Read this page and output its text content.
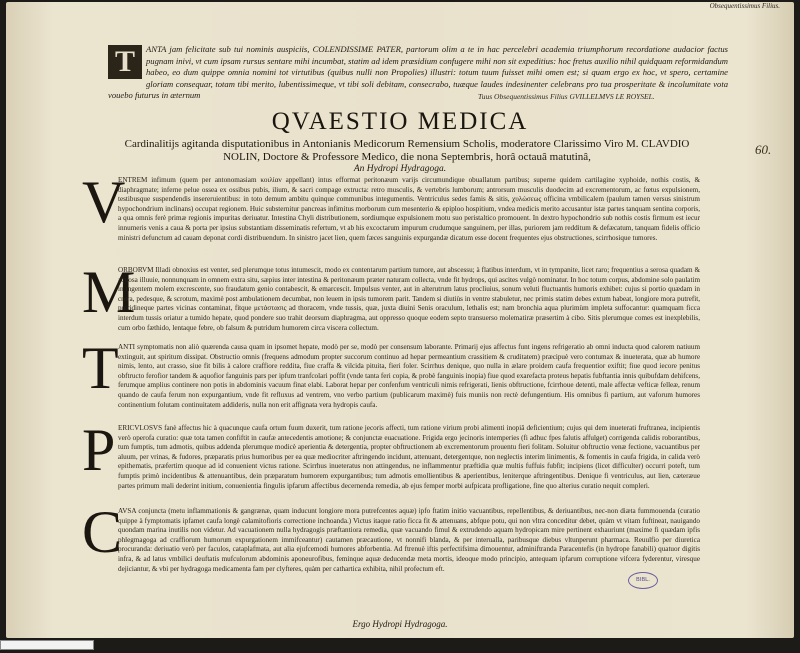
Obsequentissimus Filius.
T	ANTA jam felicitate sub tui nominis auspiciis, COLENDISSIME PATER, partorum olim a te in hac percelebri academia triumphorum recordatione audacior factus pugnam inivi, vt cum ipsam rursus sentare mihi incumbat, statim ad idem præsidium confugere mihi non sit expeditius: hoc fretus auxilio nihil quidquam reformidandum habeo, eo dum quippe omnia nomini tot virtutibus (quibus nulli non Propolies) illustri: totum tuum fuisset mihi omen est; si quam ergo ex hoc, vt spero, certamine gloriam consequar, totam tibi merito, lubentissimeque, vt tibi soli debitam, consecrabo, tuæque laudes indesinenter celebrans pro tua prosperitate & incolumitate vota vouebo futurus in æternum	Tuus Obsequentissimus Filius GVILLELMVS LE ROYSEL.
QVAESTIO MEDICA
60.
Cardinalitijs agitanda disputationibus in Antonianis Medicorum Remensium Scholis, moderatore Clarissimo Viro M. CLAVDIO NOLIN, Doctore & Professore Medico, die nona Septembris, horâ octauâ matutinâ,
An Hydropi Hydragoga.
V
ENTREM infimum (quem per antonomasiam κοιλίαν appellant) intus efformat peritonæum varijs circumundique obuallatum partibus; superne quidem cartilagine xyphoide, nothis costis, & diaphragmate; inferne pelue ossea ex ossibus pubis, ilium, & sacri compage extructa: retro musculis, & vertebris lumborum; antrorsum musculis duodecim ad excrementorum, ac fœtus expulsionem, testibusque suspendendis insereruientibus: in toto demum ambitu quinque communibus integumentis. Ventriculus sedes famis & sitis, χυλώσεως officina vmbilicalem (paulum tamen versus sinistrum hypochondrium inclinans) occupat regionem. Huic substernitur pancreas infimitus morborum cum mesenterio & epiploo hospitium, vndea medicis merito accusantur istæ partes tanquam sentina corporis, a qua omnis ferè primæ regionis impuritas deriuatur. Intestina Chyli distributionem, sordiumque expulsionem motu suo peristaltico promouent. In dextro hypochondrio sub nothis costis firmum est iecur innumeris venis a caua & porta per ipsius substantiam disseminatis refertum, vt ab his excoctarum impurum crudumque sanguinem, per illas, puriorem jam redditum & defæcatum, tanquam fidelis officio ministri defunctum ad cauam deponat cordi distribuendum. In sinistro jacet lien, quem fæces sanguinis expurgandæ dicatum esse docent frequentes ejus obstructiones, scirrhosique tumores.
M
ORBORVM Illadi obnoxius est venter, sed plerumque totus intumescit, modo ex contentarum partium tumore, aut abscessu; à flatibus interdum, vt in tympanite, licet raro; frequentius a serosa quadam & aquosa illuuie, nonnunquam in omnem extra situ, sæpius inter intestina & peritonæum præter naturam collecta, vnde fit hydrops, qui ascites vulgò nominatur. In hoc totum corpus, abdomine solo paulatim in ingentem molem excrescente, suo fraudatum genio contabescit, & emarcescit. Impulsus venter, aut in alterutrum latus procliuius, sonum veluti fluctuantis humoris exhibet: cujus si portio quædam in crura, pedesque, & scrotum, maximè post ambulationem decumbat, non leuem in ipsis tumorem parit. Tandem si diutiùs in ventre stabuletur, nec primis statim debes extum habeat, longiore mora putrefit, putridineque partes vicinas contaminat, fitque μετάστασις ad thoracem, vnde tussis, quæ, juxta diuini Senis oraculum, lethalis est; nam bronchia aqua plurimùm impleta suffocantur: quamquam ficca interdum tussis oriatur a tumido hepate, quod pondere suo trahit deorsum diaphragma, aut oppresso quoque eodem septo transuerso molematiræ præsertim à cibo. Sitis plerumque comes est inexplebilis, cum orbo fæthido, lentaque febre, ob falsum & putridum humorem circa viscera collectum.
T ANTI symptomatis non aliò quærenda causa quam in ipsomet hepate, modò per se, modò per consensum laborante. Primarij ejus affectus funt ingens refrigeratio ab omni inducta quod calorem natiuum extinguit, aut spiritum dissipat. Obstructio omnis (frequens admodum propter succorum continuo ad hepar permeantium crassitiem & cruditatem) præcipuè vero contumax & inueterata, quæ ab humore nimis, lento, aut crasso, siue fit bilis à calore craffiore reddita, fiue craffa & vilcida pituita, fieri foler. Scirrhus denique, quo nulla in ælare proidem caufa frequentior exiftit; fiue quod iecore penitus obftructo ferofior tandem & aquofior fanguinis pars per ipfum tranfcolari poffit (vnde tanta feri copia, & probè fanguinis inopia) fiue quod exarefacta proteus hepatis fubftantia innis quibufdam dehifcens, ferumque amplius continere non potis in abdominis vacuum finat elabi. Laborat hepar per confenfum ventriculi nimis refrigerati, lienis obftructione, fcirrhoue detenti, male affectæ vefticæ felleæ, renum quando de caufa ferum non expurgantium, vnde fit refluxus ad ventrem, vno verbo partium (publicarum maximè) fuis muniis non rectè defungentium. His omnibus fi partium, aut vaforum humores continentium folutam continuitatem addideris, nulla non erit affignata vera hydropis caufa.
P ERICVLOSVS fanè affectus hic à quacunque caufa ortum fuum duxerit, tum ratione jecoris affecti, tum ratione virium probi alimenti inopiâ deficientium; cujus qui dem inueterati fruftranea, incipientis verò operofa curatio: quæ tota tamen confiftit in caufæ antecedentis amotione; & conjunctæ euacuatione. Frigida ergo jecinoris intemperies (fi adhuc fpes falutis affulget) corrigenda calidis roborantibus, tum fumptis, tum admotis, quibus addenda plerumque modicè aperientia & detergentia, propter obftructionem ab excrementorum prouentu fieri folitam. Soluitur obftructio venæ fectione, vacuantibus per aluum, per vrinas, & fudores, præparatis prius humoribus per ea quæ mediocriter aftringendo incidunt, attenuant, detergentque, non neglectis interim linimentis, & fomentis in caufa frigida, in calida verò epithematis, præfertim quoque ad id conuenient victus ratione. Scirrhus inueteratus non attingendus, ne inflammentur præftidia quæ multis fuffuis fubfit; incipiens (licet difficulter) occurri poteft, tum fumptis primò incidentibus & attenuantibus, dein præparatum humorem expurgantibus; tum admotis emollientibus & aperientibus, leniterque aftringentibus. Denique fi ventriculus, aut lien, cæteræue partes primum mali dederint initium, conuenientia fingulis ipfarum affectibus decernenda remedia, ab ejus femper morbi aufpicata profligatione, fine quo alterius curatio nequit compleri.
C
AVSA conjuncta (metu inflammationis & gangrænæ, quam inducunt longiore mora putrefcentes aquæ) ipfo ftatim initio vacuantibus, repellentibus, & deriuantibus, nec-non diæta fummouenda (curatio quippe à fymptomatis ipfamet caufa longè calamitofioris correctione inchoanda.) Victus itaque ratio ficca fit & attenuans, abfque potu, qui non vltra conceditur debet, quàm vt vitam fuftineat, nauigando quondam marina inutilis non videtur. Ad vacuationem nulla hydragogis præftantiora remedia, quæ vacuando fimul & extrudendo aquam hydropicam mire pertinent exhauriunt (maxime fi quædam ipfis phlegmagoga ad craffiorum humorum expurgationem immifceantur) cautamen præcautione, vt nonnifi blanda, & per interualla, paribusque diebus vltunperunt pharmaca. Reuulfio per diuretica procuranda: deriuatio verò per faculos, cataplafmata, aut alia ejufcemodi humores abforbentia. Ad ftrenuè iftis perfectifsima dimouentur, adminiftranda Paracentefis (in hydrope fanabili) quatuor digitis infra, & ad latus vmbilici deuftatis mufculorum abdominis aponeurofibus, feminque aquæ deducendæ meta mortis, ideoque modo principio, antequam ipfarum corruptione vifcera fyderentur, viresque dejiciantur, & vbi per hydragoga medicamenta fam per clyfteres, quàm per cathartica exhibita, nihil profectum eft.
BIBL.
Ergo Hydropi Hydragoga.
